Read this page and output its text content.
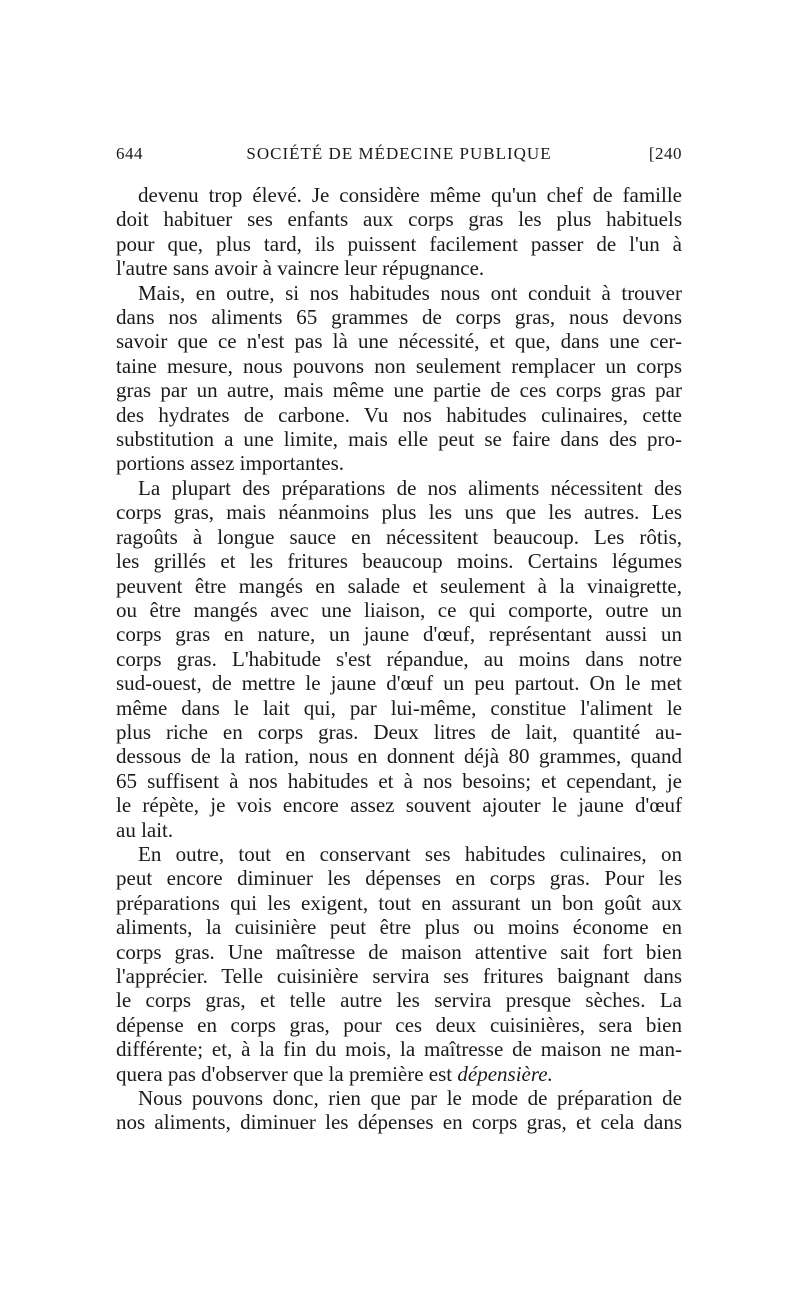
644	SOCIÉTÉ DE MÉDECINE PUBLIQUE	[240
devenu trop élevé. Je considère même qu'un chef de famille
doit habituer ses enfants aux corps gras les plus habituels
pour que, plus tard, ils puissent facilement passer de l'un à
l'autre sans avoir à vaincre leur répugnance.
Mais, en outre, si nos habitudes nous ont conduit à trouver
dans nos aliments 65 grammes de corps gras, nous devons
savoir que ce n'est pas là une nécessité, et que, dans une cer-
taine mesure, nous pouvons non seulement remplacer un corps
gras par un autre, mais même une partie de ces corps gras par
des hydrates de carbone. Vu nos habitudes culinaires, cette
substitution a une limite, mais elle peut se faire dans des pro-
portions assez importantes.
La plupart des préparations de nos aliments nécessitent des
corps gras, mais néanmoins plus les uns que les autres. Les
ragoûts à longue sauce en nécessitent beaucoup. Les rôtis,
les grillés et les fritures beaucoup moins. Certains légumes
peuvent être mangés en salade et seulement à la vinaigrette,
ou être mangés avec une liaison, ce qui comporte, outre un
corps gras en nature, un jaune d'œuf, représentant aussi un
corps gras. L'habitude s'est répandue, au moins dans notre
sud-ouest, de mettre le jaune d'œuf un peu partout. On le met
même dans le lait qui, par lui-même, constitue l'aliment le
plus riche en corps gras. Deux litres de lait, quantité au-
dessous de la ration, nous en donnent déjà 80 grammes, quand
65 suffisent à nos habitudes et à nos besoins; et cependant, je
le répète, je vois encore assez souvent ajouter le jaune d'œuf
au lait.
En outre, tout en conservant ses habitudes culinaires, on
peut encore diminuer les dépenses en corps gras. Pour les
préparations qui les exigent, tout en assurant un bon goût aux
aliments, la cuisinière peut être plus ou moins économe en
corps gras. Une maîtresse de maison attentive sait fort bien
l'apprécier. Telle cuisinière servira ses fritures baignant dans
le corps gras, et telle autre les servira presque sèches. La
dépense en corps gras, pour ces deux cuisinières, sera bien
différente; et, à la fin du mois, la maîtresse de maison ne man-
quera pas d'observer que la première est dépensière.
Nous pouvons donc, rien que par le mode de préparation de
nos aliments, diminuer les dépenses en corps gras, et cela dans
